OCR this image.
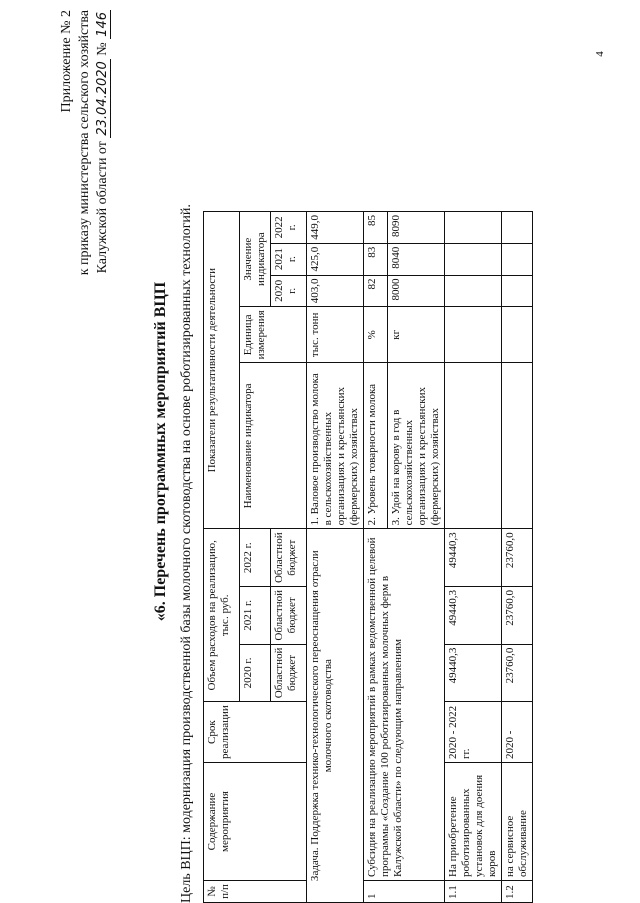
4
Приложение № 2 к приказу министерства сельского хозяйства Калужской области от 23.04.2020 № 146
«6. Перечень программных мероприятий ВЦП Цель ВЦП: модернизация производственной базы молочного скотоводства на основе роботизированных технологий. № п/п	Содержание мероприятия	Срок реализации	Объем расходов на реализацию, тыс. руб.			Показатели результативности деятельности				
			2020 г.	2021 г.	2022 г.	Наименование индикатора	Единица измерения	Значение индикатора		
			Областной бюджет	Областной бюджет	Областной бюджет			2020 г.	2021 г.	2022 г.
Задача. Поддержка технико-технологического переоснащения отрасли молочного скотоводства						1. Валовое производство молока в сельскохозяйственных организациях и крестьянских (фермерских) хозяйствах	тыс. тонн	403,0	425,0	449,0
1	Субсидия на реализацию мероприятий в рамках ведомственной целевой программы «Создание 100 роботизированных молочных ферм в Калужской области» по следующим направлениям					2. Уровень товарности молока	%	82	83	85
						3. Удой на корову в год в сельскохозяйственных организациях и крестьянских (фермерских) хозяйствах	кг	8000	8040	8090
1.1	На приобретение роботизированных установок для доения коров	2020 - 2022 гг.	49440,3	49440,3	49440,3					
1.2	на сервисное обслуживание	2020 -	23760,0	23760,0	23760,0					
